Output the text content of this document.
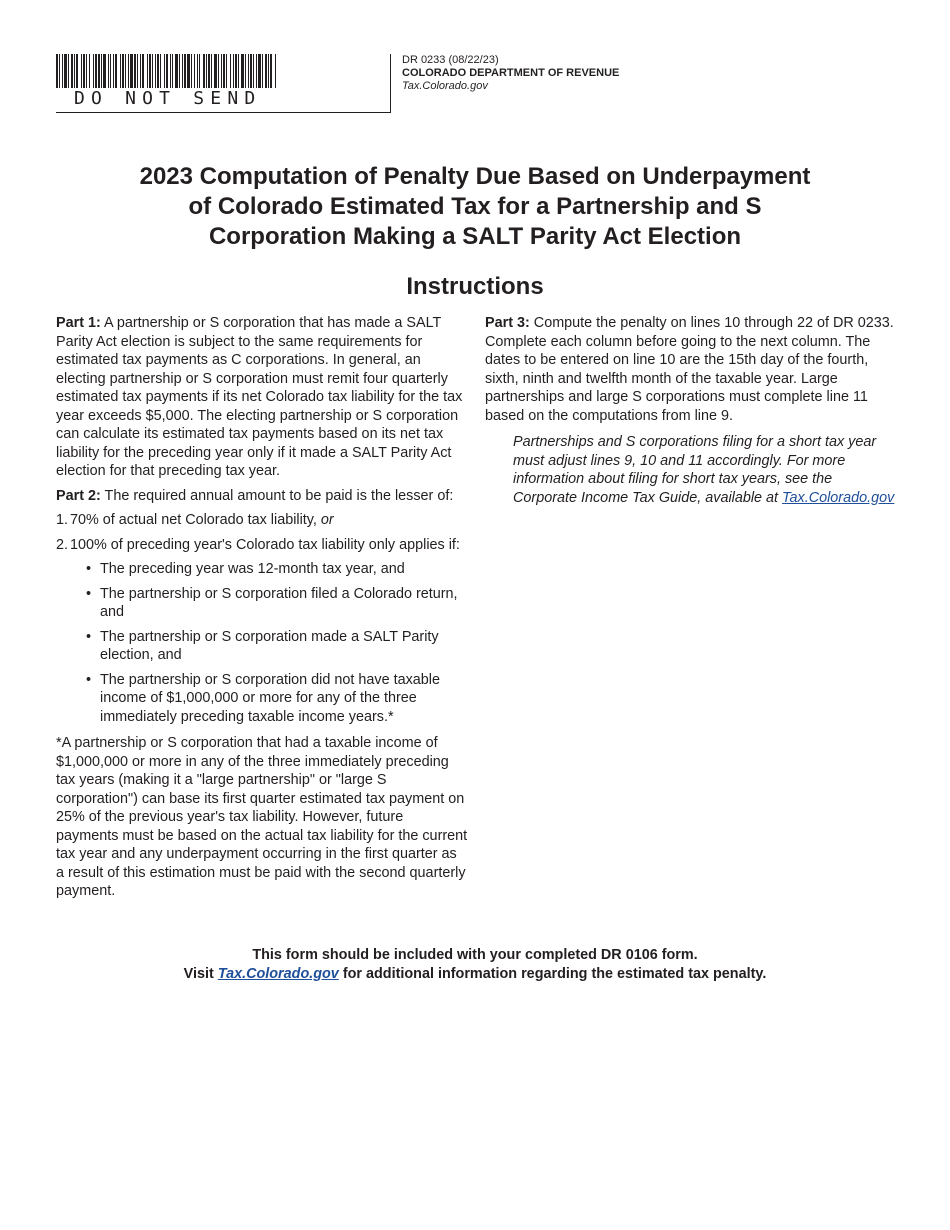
DO NOT SEND
DR 0233 (08/22/23)
COLORADO DEPARTMENT OF REVENUE
Tax.Colorado.gov
2023 Computation of Penalty Due Based on Underpayment
of Colorado Estimated Tax for a Partnership and S
Corporation Making a SALT Parity Act Election
Instructions

Part 1: A partnership or S corporation that has made a SALT Parity Act election is subject to the same requirements for estimated tax payments as C corporations. In general, an electing partnership or S corporation must remit four quarterly estimated tax payments if its net Colorado tax liability for the tax year exceeds $5,000. The electing partnership or S corporation can calculate its estimated tax payments based on its net tax liability for the preceding year only if it made a SALT Parity Act election for that preceding tax year.

Part 2: The required annual amount to be paid is the lesser of:

1. 70% of actual net Colorado tax liability, or
2. 100% of preceding year's Colorado tax liability only applies if:
• The preceding year was 12-month tax year, and
• The partnership or S corporation filed a Colorado return, and
• The partnership or S corporation made a SALT Parity election, and
• The partnership or S corporation did not have taxable income of $1,000,000 or more for any of the three immediately preceding taxable income years.*

*A partnership or S corporation that had a taxable income of $1,000,000 or more in any of the three immediately preceding tax years (making it a "large partnership" or "large S corporation") can base its first quarter estimated tax payment on 25% of the previous year's tax liability. However, future payments must be based on the actual tax liability for the current tax year and any underpayment occurring in the first quarter as a result of this estimation must be paid with the second quarterly payment.

Part 3: Compute the penalty on lines 10 through 22 of DR 0233. Complete each column before going to the next column. The dates to be entered on line 10 are the 15th day of the fourth, sixth, ninth and twelfth month of the taxable year. Large partnerships and large S corporations must complete line 11 based on the computations from line 9.

Partnerships and S corporations filing for a short tax year must adjust lines 9, 10 and 11 accordingly. For more information about filing for short tax years, see the Corporate Income Tax Guide, available at Tax.Colorado.gov
This form should be included with your completed DR 0106 form.
Visit Tax.Colorado.gov for additional information regarding the estimated tax penalty.
